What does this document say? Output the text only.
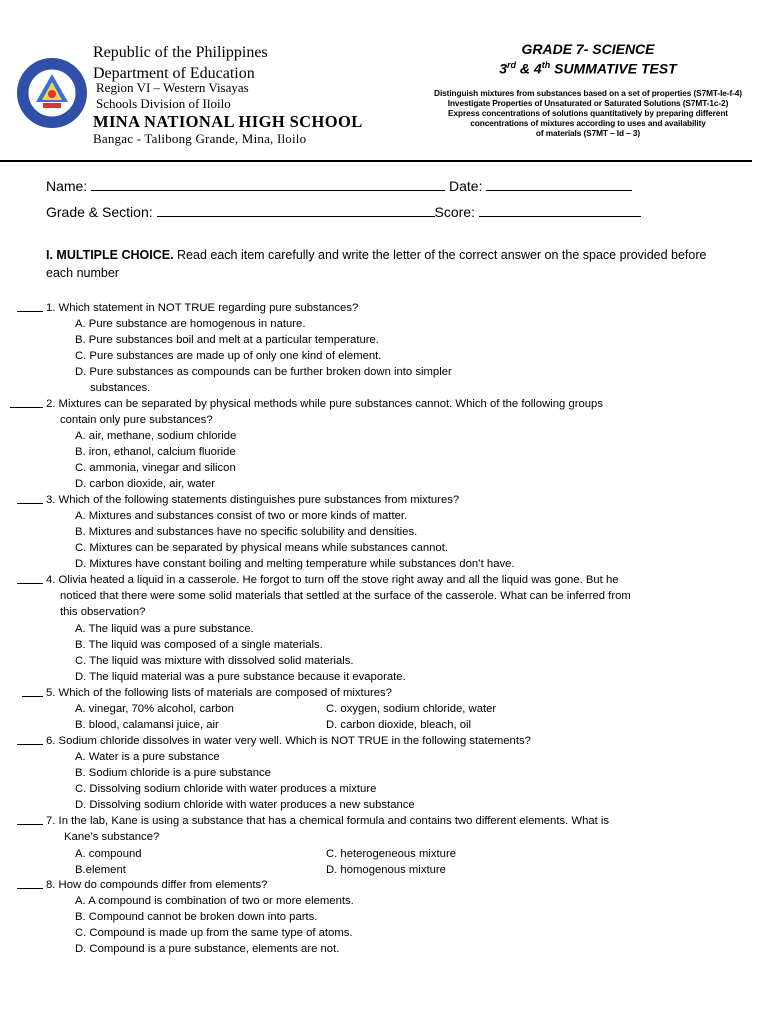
Republic of the Philippines
Department of Education
Region VI – Western Visayas
Schools Division of Iloilo
MINA NATIONAL HIGH SCHOOL
Bangac - Talibong Grande, Mina, Iloilo
GRADE 7- SCIENCE
3rd & 4th SUMMATIVE TEST
Distinguish mixtures from substances based on a set of properties (S7MT-Ie-f-4)
Investigate Properties of Unsaturated or Saturated Solutions (S7MT-1c-2)
Express concentrations of solutions quantitatively by preparing different
concentrations of mixtures according to uses and availability
of materials (S7MT – Id – 3)
Name:	Date:
Grade & Section:	Score:
I. MULTIPLE CHOICE. Read each item carefully and write the letter of the correct answer on the space provided before each number
1. Which statement in NOT TRUE regarding pure substances?
A. Pure substance are homogenous in nature.
B. Pure substances boil and melt at a particular temperature.
C. Pure substances are made up of only one kind of element.
D. Pure substances as compounds can be further broken down into simpler
substances.
2. Mixtures can be separated by physical methods while pure substances cannot. Which of the following groups
contain only pure substances?
A. air, methane, sodium chloride
B. iron, ethanol, calcium fluoride
C. ammonia, vinegar and silicon
D. carbon dioxide, air, water
3. Which of the following statements distinguishes pure substances from mixtures?
A. Mixtures and substances consist of two or more kinds of matter.
B. Mixtures and substances have no specific solubility and densities.
C. Mixtures can be separated by physical means while substances cannot.
D. Mixtures have constant boiling and melting temperature while substances don’t have.
4. Olivia heated a liquid in a casserole. He forgot to turn off the stove right away and all the liquid was gone. But he
noticed that there were some solid materials that settled at the surface of the casserole. What can be inferred from
this observation?
A. The liquid was a pure substance.
B. The liquid was composed of a single materials.
C. The liquid was mixture with dissolved solid materials.
D. The liquid material was a pure substance because it evaporate.
5. Which of the following lists of materials are composed of mixtures?
A. vinegar, 70% alcohol, carbon	C. oxygen, sodium chloride, water
B. blood, calamansi juice, air	D. carbon dioxide, bleach, oil
6. Sodium chloride dissolves in water very well. Which is NOT TRUE in the following statements?
A. Water is a pure substance
B. Sodium chloride is a pure substance
C. Dissolving sodium chloride with water produces a mixture
D. Dissolving sodium chloride with water produces a new substance
7. In the lab, Kane is using a substance that has a chemical formula and contains two different elements. What is
Kane’s substance?
A. compound	C. heterogeneous mixture
B.element	D. homogenous mixture
8. How do compounds differ from elements?
A. A compound is combination of two or more elements.
B. Compound cannot be broken down into parts.
C. Compound is made up from the same type of atoms.
D. Compound is a pure substance, elements are not.
